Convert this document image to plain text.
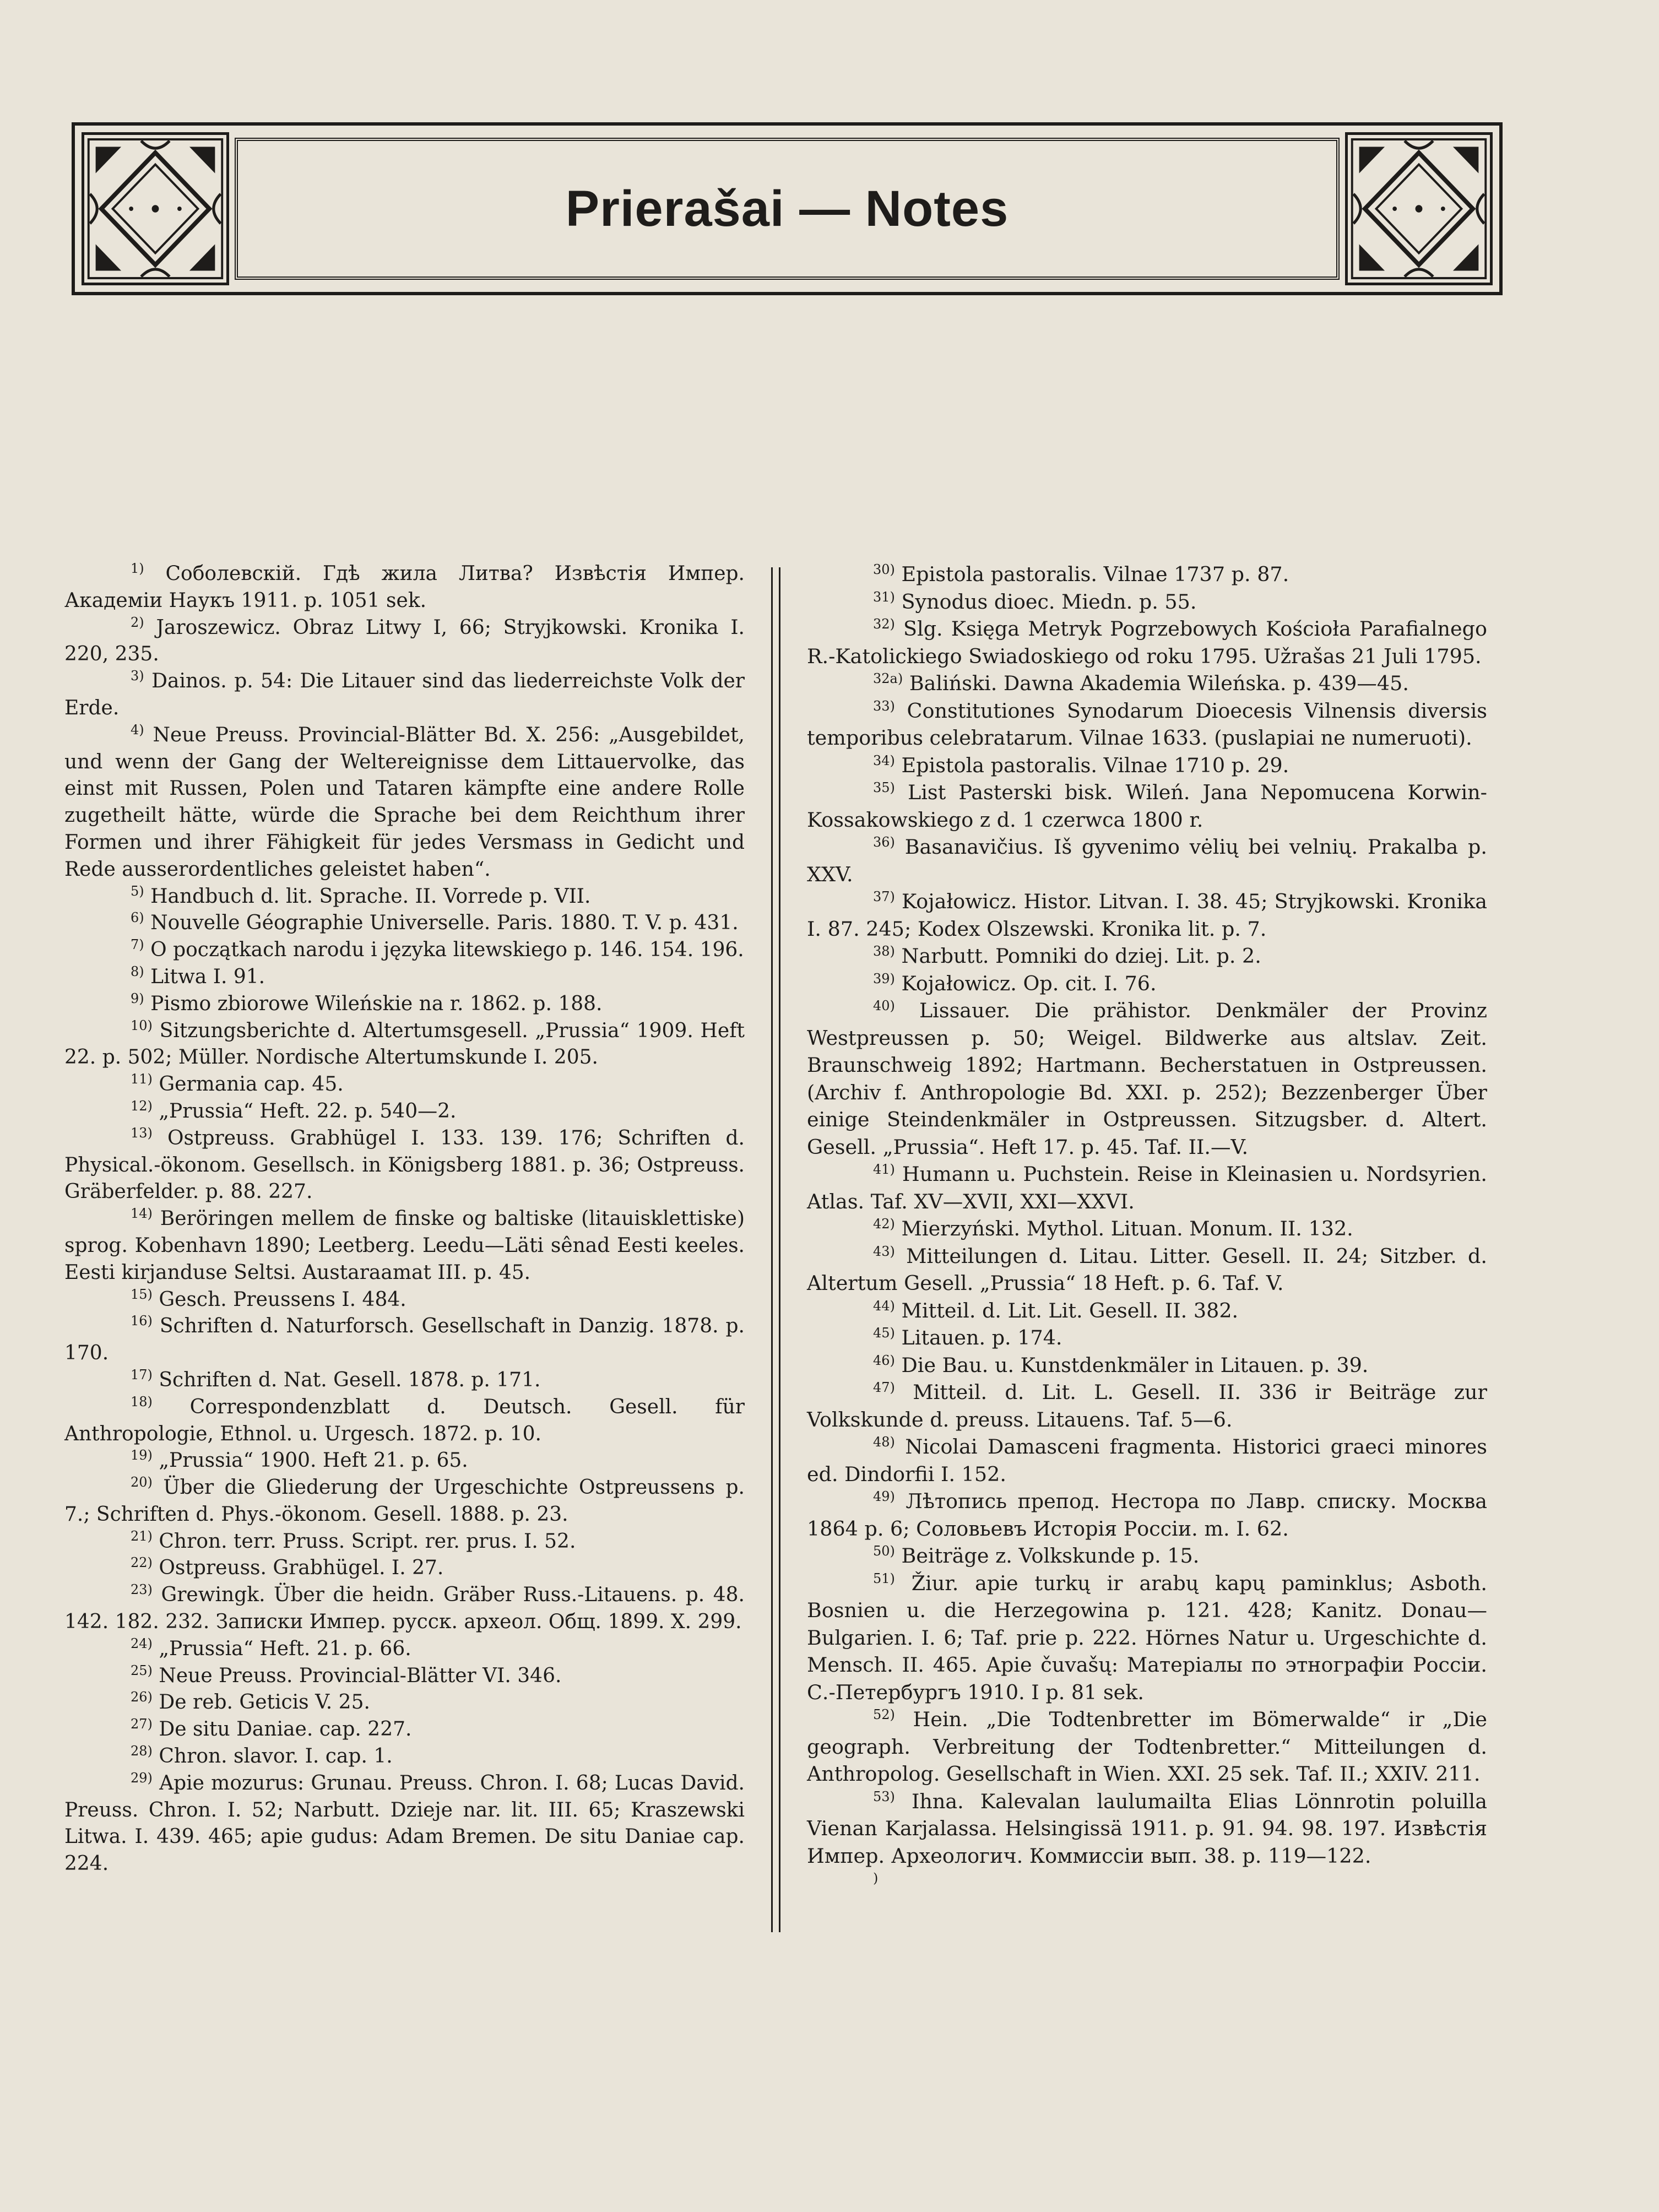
Prierašai — Notes

$^{1)}$ Соболевскій. Гдѣ жила Литва? Извѣстія Импер. Академіи Наукъ 1911. p. 1051 sek.

$^{2)}$ Jaroszewicz. Obraz Litwy I, 66; Stryjkowski. Kronika I. 220, 235.

$^{3)}$ Dainos. p. 54: Die Litauer sind das liederreichste Volk der Erde.

$^{4)}$ Neue Preuss. Provincial-Blätter Bd. X. 256: „Ausgebildet, und wenn der Gang der Weltereignisse dem Littauervolke, das einst mit Russen, Polen und Tataren kämpfte eine andere Rolle zugetheilt hätte, würde die Sprache bei dem Reichthum ihrer Formen und ihrer Fähigkeit für jedes Versmass in Gedicht und Rede ausserordentliches geleistet haben“.

$^{5)}$ Handbuch d. lit. Sprache. II. Vorrede p. VII.

$^{6)}$ Nouvelle Géographie Universelle. Paris. 1880. T. V. p. 431.

$^{7)}$ O początkach narodu i języka litewskiego p. 146. 154. 196.

$^{8)}$ Litwa I. 91.

$^{9)}$ Pismo zbiorowe Wileńskie na r. 1862. p. 188.

$^{10)}$ Sitzungsberichte d. Altertumsgesell. „Prussia“ 1909. Heft 22. p. 502; Müller. Nordische Altertumskunde I. 205.

$^{11)}$ Germania cap. 45.

$^{12)}$ „Prussia“ Heft. 22. p. 540—2.

$^{13)}$ Ostpreuss. Grabhügel I. 133. 139. 176; Schriften d. Physical.-ökonom. Gesellsch. in Königsberg 1881. p. 36; Ostpreuss. Gräberfelder. p. 88. 227.

$^{14)}$ Beröringen mellem de finske og baltiske (litauisklettiske) sprog. Kobenhavn 1890; Leetberg. Leedu—Läti sênad Eesti keeles. Eesti kirjanduse Seltsi. Austaraamat III. p. 45.

$^{15)}$ Gesch. Preussens I. 484.

$^{16)}$ Schriften d. Naturforsch. Gesellschaft in Danzig. 1878. p. 170.

$^{17)}$ Schriften d. Nat. Gesell. 1878. p. 171.

$^{18)}$ Correspondenzblatt d. Deutsch. Gesell. für Anthropologie, Ethnol. u. Urgesch. 1872. p. 10.

$^{19)}$ „Prussia“ 1900. Heft 21. p. 65.

$^{20)}$ Über die Gliederung der Urgeschichte Ostpreussens p. 7.; Schriften d. Phys.-ökonom. Gesell. 1888. p. 23.

$^{21)}$ Chron. terr. Pruss. Script. rer. prus. I. 52.

$^{22)}$ Ostpreuss. Grabhügel. I. 27.

$^{23)}$ Grewingk. Über die heidn. Gräber Russ.-Litauens. p. 48. 142. 182. 232. Записки Импер. русск. археол. Общ. 1899. X. 299.

$^{24)}$ „Prussia“ Heft. 21. p. 66.

$^{25)}$ Neue Preuss. Provincial-Blätter VI. 346.

$^{26)}$ De reb. Geticis V. 25.

$^{27)}$ De situ Daniae. cap. 227.

$^{28)}$ Chron. slavor. I. cap. 1.

$^{29)}$ Apie mozurus: Grunau. Preuss. Chron. I. 68; Lucas David. Preuss. Chron. I. 52; Narbutt. Dzieje nar. lit. III. 65; Kraszewski Litwa. I. 439. 465; apie gudus: Adam Bremen. De situ Daniae cap. 224.

$^{30)}$ Epistola pastoralis. Vilnae 1737 p. 87.

$^{31)}$ Synodus dioec. Miedn. p. 55.

$^{32)}$ Slg. Księga Metryk Pogrzebowych Kościoła Parafialnego R.-Katolickiego Swiadoskiego od roku 1795. Užrašas 21 Juli 1795.

$^{32a)}$ Baliński. Dawna Akademia Wileńska. p. 439—45.

$^{33)}$ Constitutiones Synodarum Dioecesis Vilnensis diversis temporibus celebratarum. Vilnae 1633. (puslapiai ne numeruoti).

$^{34)}$ Epistola pastoralis. Vilnae 1710 p. 29.

$^{35)}$ List Pasterski bisk. Wileń. Jana Nepomucena Korwin-Kossakowskiego z d. 1 czerwca 1800 r.

$^{36)}$ Basanavičius. Iš gyvenimo vėlių bei velnių. Prakalba p. XXV.

$^{37)}$ Kojałowicz. Histor. Litvan. I. 38. 45; Stryjkowski. Kronika I. 87. 245; Kodex Olszewski. Kronika lit. p. 7.

$^{38)}$ Narbutt. Pomniki do dziej. Lit. p. 2.

$^{39)}$ Kojałowicz. Op. cit. I. 76.

$^{40)}$ Lissauer. Die prähistor. Denkmäler der Provinz Westpreussen p. 50; Weigel. Bildwerke aus altslav. Zeit. Braunschweig 1892; Hartmann. Becherstatuen in Ostpreussen. (Archiv f. Anthropologie Bd. XXI. p. 252); Bezzenberger Über einige Steindenkmäler in Ostpreussen. Sitzugsber. d. Altert. Gesell. „Prussia“. Heft 17. p. 45. Taf. II.—V.

$^{41)}$ Humann u. Puchstein. Reise in Kleinasien u. Nordsyrien. Atlas. Taf. XV—XVII, XXI—XXVI.

$^{42)}$ Mierzyński. Mythol. Lituan. Monum. II. 132.

$^{43)}$ Mitteilungen d. Litau. Litter. Gesell. II. 24; Sitzber. d. Altertum Gesell. „Prussia“ 18 Heft. p. 6. Taf. V.

$^{44)}$ Mitteil. d. Lit. Lit. Gesell. II. 382.

$^{45)}$ Litauen. p. 174.

$^{46)}$ Die Bau. u. Kunstdenkmäler in Litauen. p. 39.

$^{47)}$ Mitteil. d. Lit. L. Gesell. II. 336 ir Beiträge zur Volkskunde d. preuss. Litauens. Taf. 5—6.

$^{48)}$ Nicolai Damasceni fragmenta. Historici graeci minores ed. Dindorfii I. 152.

$^{49)}$ Лѣтопись препод. Нестора по Лавр. списку. Москва 1864 p. 6; Соловьевъ Исторія Россіи. m. I. 62.

$^{50)}$ Beiträge z. Volkskunde p. 15.

$^{51)}$ Žiur. apie turkų ir arabų kapų paminklus; Asboth. Bosnien u. die Herzegowina p. 121. 428; Kanitz. Donau—Bulgarien. I. 6; Taf. prie p. 222. Hörnes Natur u. Urgeschichte d. Mensch. II. 465. Apie čuvašų: Матеріалы по этнографіи Россіи. С.-Петербургъ 1910. I p. 81 sek.

$^{52)}$ Hein. „Die Todtenbretter im Bömerwalde“ ir „Die geograph. Verbreitung der Todtenbretter.“ Mitteilungen d. Anthropolog. Gesellschaft in Wien. XXI. 25 sek. Taf. II.; XXIV. 211.

$^{53)}$ Ihna. Kalevalan laulumailta Elias Lönnrotin poluilla Vienan Karjalassa. Helsingissä 1911. p. 91. 94. 98. 197. Извѣстія Импер. Археологич. Коммиссіи вып. 38. p. 119—122.

)
